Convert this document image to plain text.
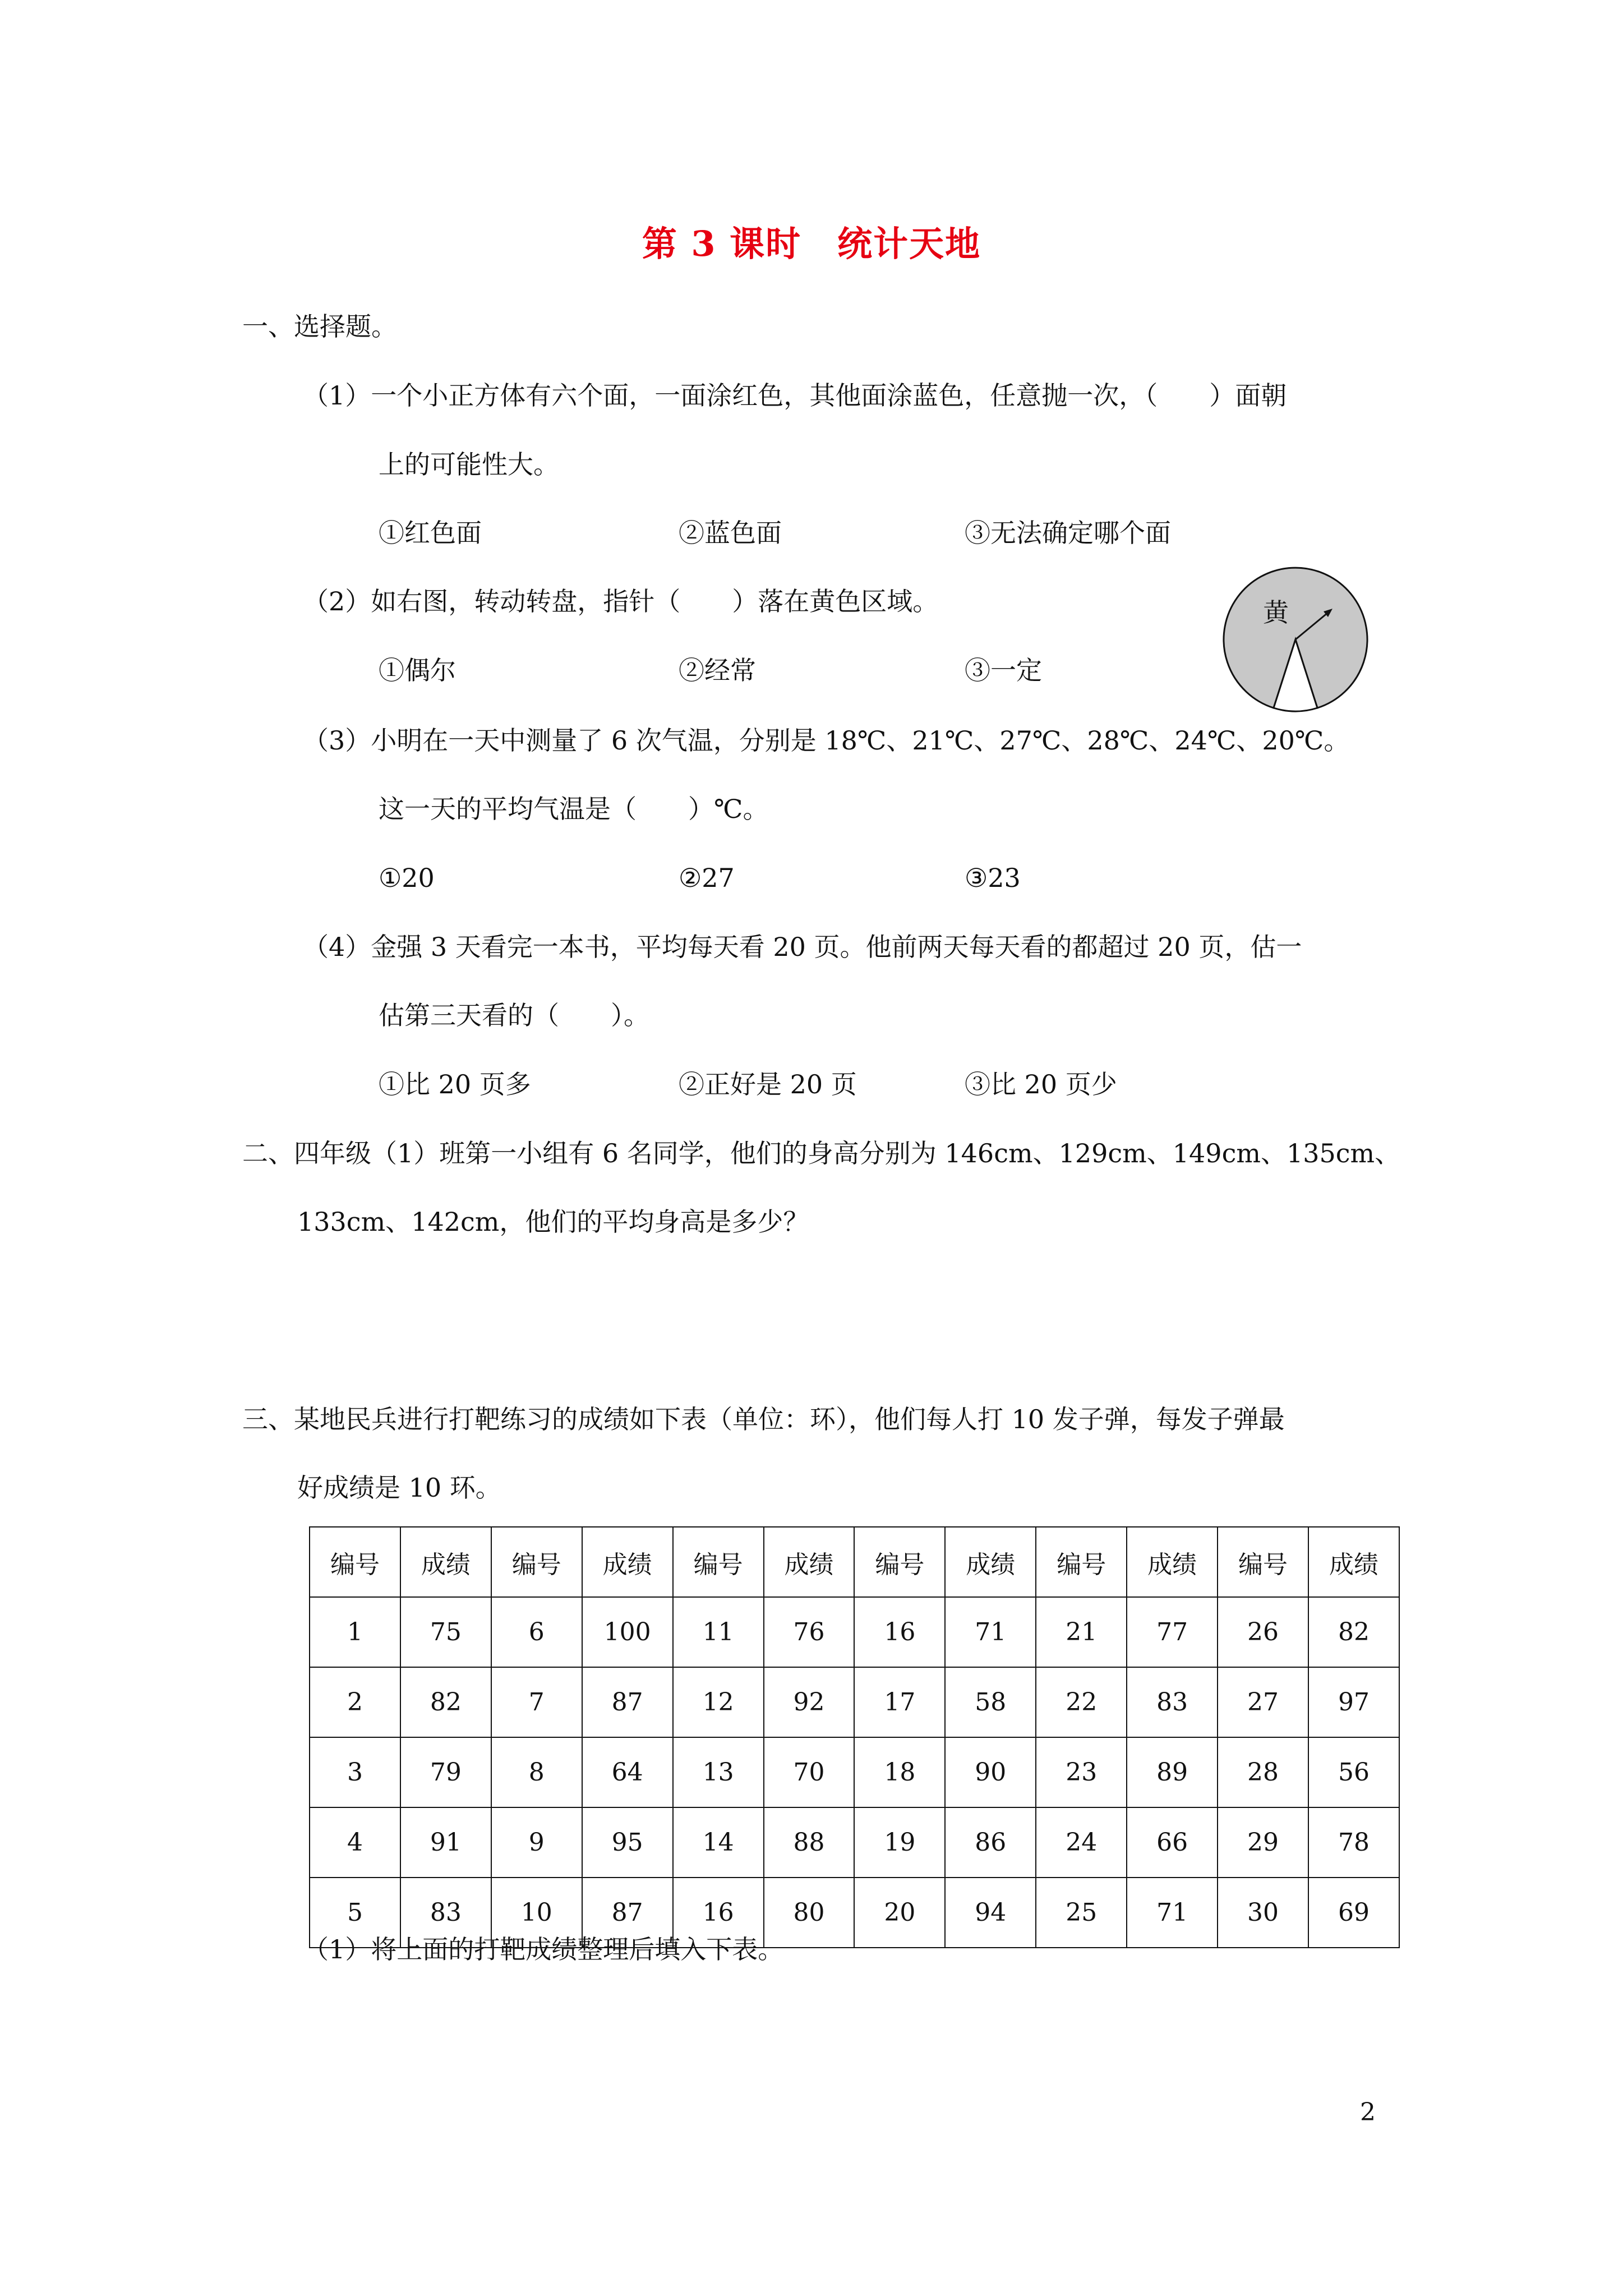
第 3 课时　统计天地
一、选择题。
（1）一个小正方体有六个面，一面涂红色，其他面涂蓝色，任意抛一次，（　　）面朝
上的可能性大。
①红色面	②蓝色面	③无法确定哪个面
（2）如右图，转动转盘，指针（　　）落在黄色区域。
①偶尔	②经常	③一定
黄
（3）小明在一天中测量了 6 次气温，分别是 18℃、21℃、27℃、28℃、24℃、20℃。
这一天的平均气温是（　　）℃。
①20	②27	③23
（4）金强 3 天看完一本书，平均每天看 20 页。他前两天每天看的都超过 20 页，估一
估第三天看的（　　）。
①比 20 页多	②正好是 20 页	③比 20 页少
二、四年级（1）班第一小组有 6 名同学，他们的身高分别为 146cm、129cm、149cm、135cm、
133cm、142cm，他们的平均身高是多少？
三、某地民兵进行打靶练习的成绩如下表（单位：环），他们每人打 10 发子弹，每发子弹最
好成绩是 10 环。
编号	成绩	编号	成绩	编号	成绩	编号	成绩	编号	成绩	编号	成绩
1	75	6	100	11	76	16	71	21	77	26	82
2	82	7	87	12	92	17	58	22	83	27	97
3	79	8	64	13	70	18	90	23	89	28	56
4	91	9	95	14	88	19	86	24	66	29	78
5	83	10	87	16	80	20	94	25	71	30	69
（1）将上面的打靶成绩整理后填入下表。
2
